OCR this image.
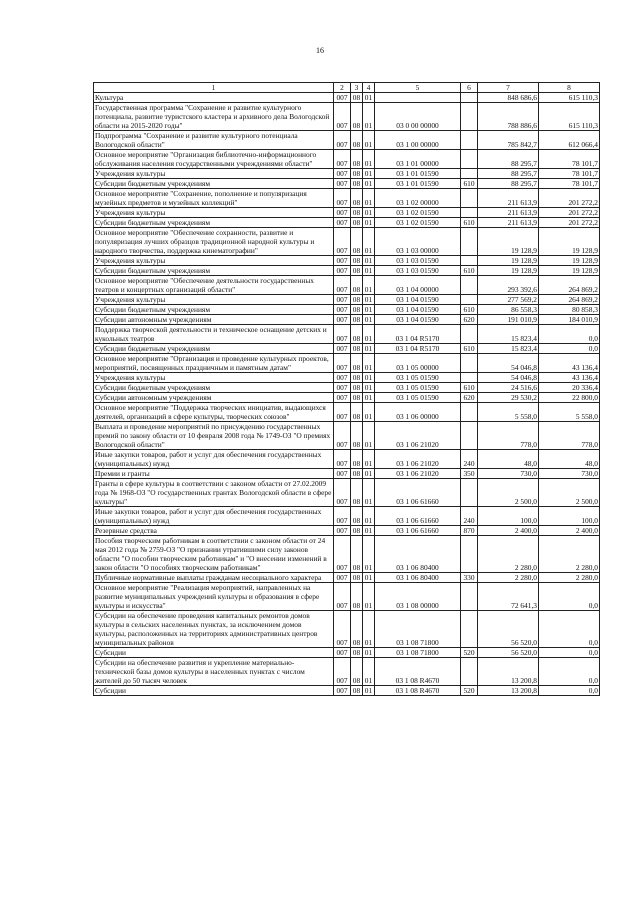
16
1	2	3	4	5	6	7	8
Культура	007	08	01			848 686,6	615 110,3
Государственная программа "Сохранение и развитие культурного потенциала, развитие туристского кластера и архивного дела Вологодской области на 2015-2020 годы"	007	08	01	03 0 00 00000		788 886,6	615 110,3
Подпрограмма "Сохранение и развитие культурного потенциала Вологодской области"	007	08	01	03 1 00 00000		785 842,7	612 066,4
Основное мероприятие "Организация библиотечно-информационного обслуживания населения государственными учреждениями области"	007	08	01	03 1 01 00000		88 295,7	78 101,7
Учреждения культуры	007	08	01	03 1 01 01590		88 295,7	78 101,7
Субсидии бюджетным учреждениям	007	08	01	03 1 01 01590	610	88 295,7	78 101,7
Основное мероприятие "Сохранение, пополнение и популяризация музейных предметов и музейных коллекций"	007	08	01	03 1 02 00000		211 613,9	201 272,2
Учреждения культуры	007	08	01	03 1 02 01590		211 613,9	201 272,2
Субсидии бюджетным учреждениям	007	08	01	03 1 02 01590	610	211 613,9	201 272,2
Основное мероприятие "Обеспечение сохранности, развитие и популяризация лучших образцов традиционной народной культуры и народного творчества, поддержка кинематографии"	007	08	01	03 1 03 00000		19 128,9	19 128,9
Учреждения культуры	007	08	01	03 1 03 01590		19 128,9	19 128,9
Субсидии бюджетным учреждениям	007	08	01	03 1 03 01590	610	19 128,9	19 128,9
Основное мероприятие "Обеспечение деятельности государственных театров и концертных организаций области"	007	08	01	03 1 04 00000		293 392,6	264 869,2
Учреждения культуры	007	08	01	03 1 04 01590		277 569,2	264 869,2
Субсидии бюджетным учреждениям	007	08	01	03 1 04 01590	610	86 558,3	80 858,3
Субсидии автономным учреждениям	007	08	01	03 1 04 01590	620	191 010,9	184 010,9
Поддержка творческой деятельности и техническое оснащение детских и кукольных театров	007	08	01	03 1 04 R5170		15 823,4	0,0
Субсидии бюджетным учреждениям	007	08	01	03 1 04 R5170	610	15 823,4	0,0
Основное мероприятие "Организация и проведение культурных проектов, мероприятий, посвященных праздничным и памятным датам"	007	08	01	03 1 05 00000		54 046,8	43 136,4
Учреждения культуры	007	08	01	03 1 05 01590		54 046,8	43 136,4
Субсидии бюджетным учреждениям	007	08	01	03 1 05 01590	610	24 516,6	20 336,4
Субсидии автономным учреждениям	007	08	01	03 1 05 01590	620	29 530,2	22 800,0
Основное мероприятие "Поддержка творческих инициатив, выдающихся деятелей, организаций в сфере культуры, творческих союзов"	007	08	01	03 1 06 00000		5 558,0	5 558,0
Выплата и проведение мероприятий по присуждению государственных премий по закону области от 10 февраля 2008 года № 1749-ОЗ "О премиях Вологодской области"	007	08	01	03 1 06 21020		778,0	778,0
Иные закупки товаров, работ и услуг для обеспечения государственных (муниципальных) нужд	007	08	01	03 1 06 21020	240	48,0	48,0
Премии и гранты	007	08	01	03 1 06 21020	350	730,0	730,0
Гранты в сфере культуры в соответствии с законом области от 27.02.2009 года № 1968-ОЗ "О государственных грантах Вологодской области в сфере культуры"	007	08	01	03 1 06 61660		2 500,0	2 500,0
Иные закупки товаров, работ и услуг для обеспечения государственных (муниципальных) нужд	007	08	01	03 1 06 61660	240	100,0	100,0
Резервные средства	007	08	01	03 1 06 61660	870	2 400,0	2 400,0
Пособия творческим работникам в соответствии с законом области от 24 мая 2012 года № 2759-ОЗ "О признании утратившими силу законов области "О пособии творческим работникам" и "О внесении изменений в закон области "О пособиях творческим работникам"	007	08	01	03 1 06 80400		2 280,0	2 280,0
Публичные нормативные выплаты гражданам несоциального характера	007	08	01	03 1 06 80400	330	2 280,0	2 280,0
Основное мероприятие "Реализация мероприятий, направленных на развитие муниципальных учреждений культуры и образования в сфере культуры и искусства"	007	08	01	03 1 08 00000		72 641,3	0,0
Субсидии на обеспечение проведения капитальных ремонтов домов культуры в сельских населенных пунктах, за исключением домов культуры, расположенных на территориях административных центров муниципальных районов	007	08	01	03 1 08 71800		56 520,0	0,0
Субсидии	007	08	01	03 1 08 71800	520	56 520,0	0,0
Субсидии на обеспечение развития и укрепление материально-технической базы домов культуры в населенных пунктах с числом жителей до 50 тысяч человек	007	08	01	03 1 08 R4670		13 200,8	0,0
Субсидии	007	08	01	03 1 08 R4670	520	13 200,8	0,0
